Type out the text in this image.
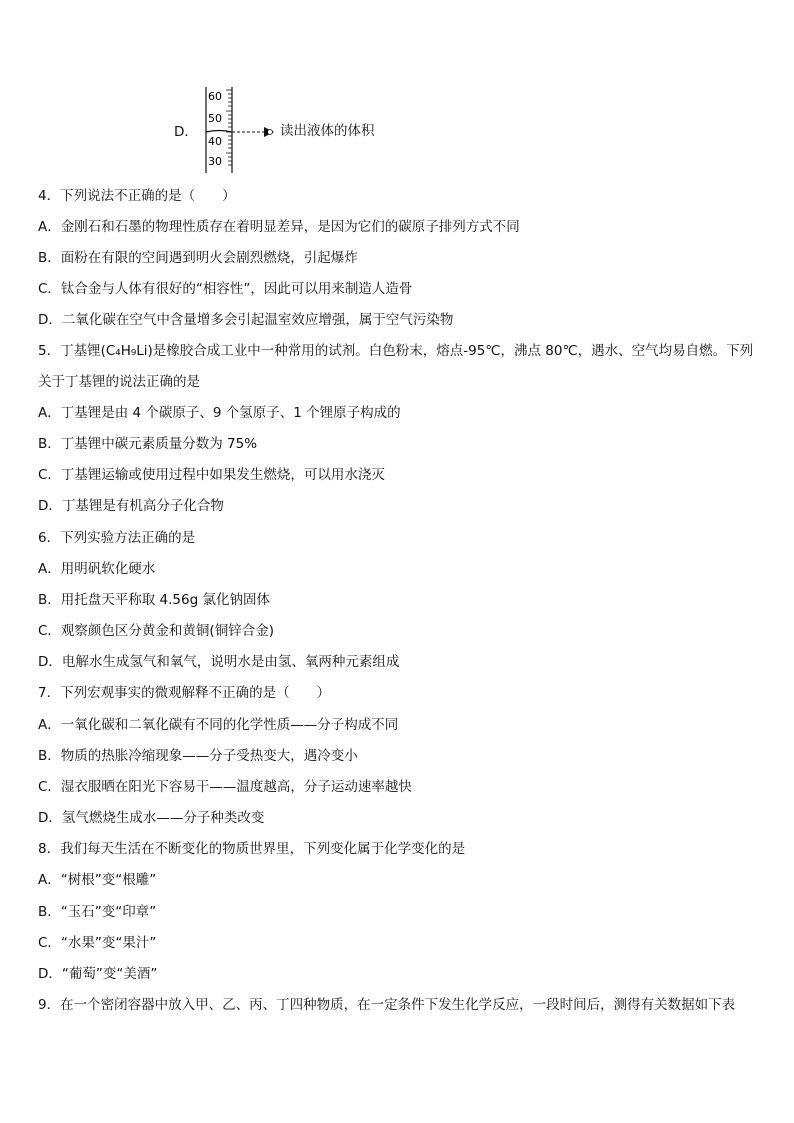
D．
60
50
40
30
读出液体的体积
4．下列说法不正确的是（　　）
A．金刚石和石墨的物理性质存在着明显差异，是因为它们的碳原子排列方式不同
B．面粉在有限的空间遇到明火会剧烈燃烧，引起爆炸
C．钛合金与人体有很好的“相容性”，因此可以用来制造人造骨
D．二氧化碳在空气中含量增多会引起温室效应增强，属于空气污染物
5．丁基锂(C₄H₉Li)是橡胶合成工业中一种常用的试剂。白色粉末，熔点-95℃，沸点 80℃，遇水、空气均易自燃。下列
关于丁基锂的说法正确的是
A．丁基锂是由 4 个碳原子、9 个氢原子、1 个锂原子构成的
B．丁基锂中碳元素质量分数为 75%
C．丁基锂运输或使用过程中如果发生燃烧，可以用水浇灭
D．丁基锂是有机高分子化合物
6．下列实验方法正确的是
A．用明矾软化硬水
B．用托盘天平称取 4.56g 氯化钠固体
C．观察颜色区分黄金和黄铜(铜锌合金)
D．电解水生成氢气和氧气，说明水是由氢、氧两种元素组成
7．下列宏观事实的微观解释不正确的是（　　）
A．一氧化碳和二氧化碳有不同的化学性质——分子构成不同
B．物质的热胀冷缩现象——分子受热变大，遇冷变小
C．湿衣服晒在阳光下容易干——温度越高，分子运动速率越快
D．氢气燃烧生成水——分子种类改变
8．我们每天生活在不断变化的物质世界里，下列变化属于化学变化的是
A．“树根”变“根雕”
B．“玉石”变“印章”
C．“水果”变“果汁”
D．“葡萄”变“美酒”
9．在一个密闭容器中放入甲、乙、丙、丁四种物质，在一定条件下发生化学反应，一段时间后，测得有关数据如下表
